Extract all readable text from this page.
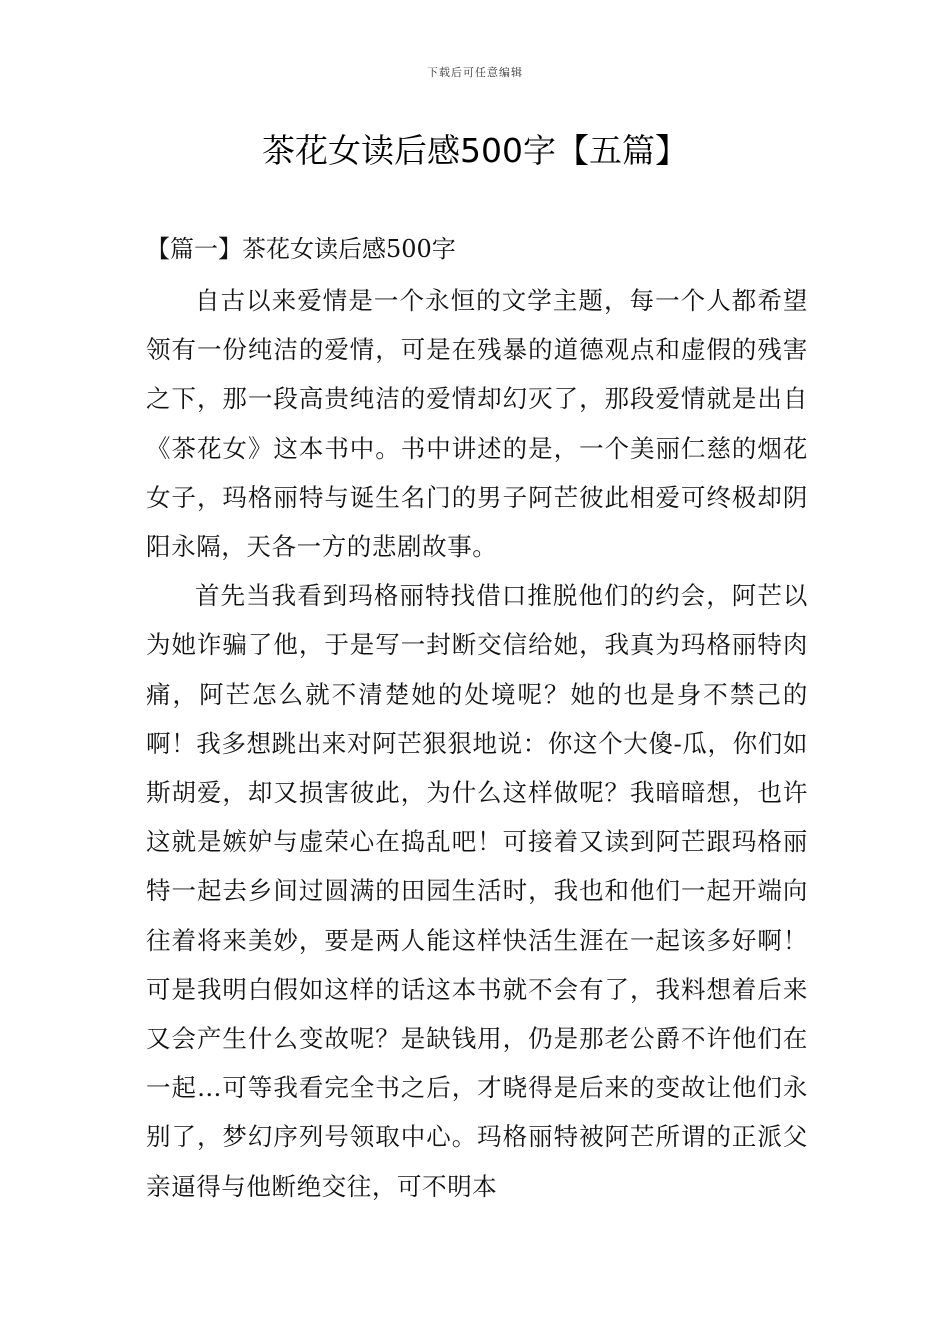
下载后可任意编辑
茶花女读后感500字【五篇】
【篇一】茶花女读后感500字

自古以来爱情是一个永恒的文学主题，每一个人都希望领有一份纯洁的爱情，可是在残暴的道德观点和虚假的残害之下，那一段高贵纯洁的爱情却幻灭了，那段爱情就是出自《茶花女》这本书中。书中讲述的是，一个美丽仁慈的烟花女子，玛格丽特与诞生名门的男子阿芒彼此相爱可终极却阴阳永隔，天各一方的悲剧故事。

首先当我看到玛格丽特找借口推脱他们的约会，阿芒以为她诈骗了他，于是写一封断交信给她，我真为玛格丽特肉痛，阿芒怎么就不清楚她的处境呢？她的也是身不禁己的啊！我多想跳出来对阿芒狠狠地说：你这个大傻-瓜，你们如斯胡爱，却又损害彼此，为什么这样做呢？我暗暗想，也许这就是嫉妒与虚荣心在捣乱吧！可接着又读到阿芒跟玛格丽特一起去乡间过圆满的田园生活时，我也和他们一起开端向往着将来美妙，要是两人能这样快活生涯在一起该多好啊！可是我明白假如这样的话这本书就不会有了，我料想着后来又会产生什么变故呢？是缺钱用，仍是那老公爵不许他们在一起…可等我看完全书之后，才晓得是后来的变故让他们永别了，梦幻序列号领取中心。玛格丽特被阿芒所谓的正派父亲逼得与他断绝交往，可不明本
